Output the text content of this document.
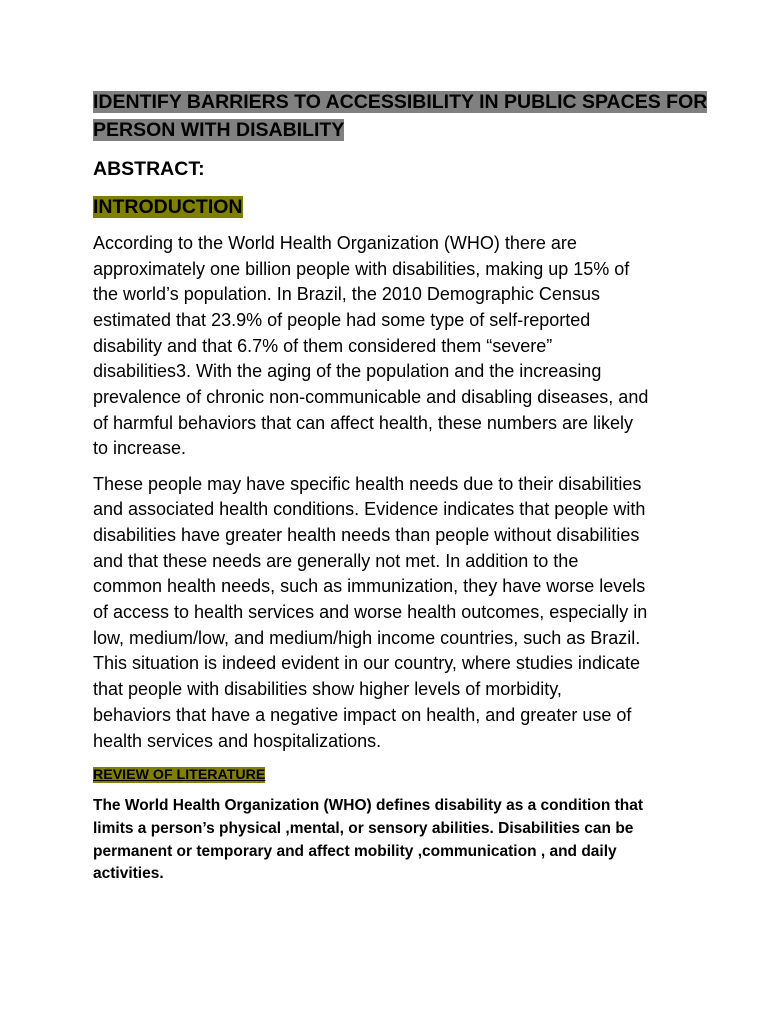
IDENTIFY BARRIERS TO ACCESSIBILITY IN PUBLIC SPACES FOR
PERSON WITH DISABILITY
ABSTRACT:
INTRODUCTION
According to the World Health Organization (WHO) there are
approximately one billion people with disabilities, making up 15% of
the world’s population. In Brazil, the 2010 Demographic Census
estimated that 23.9% of people had some type of self-reported
disability and that 6.7% of them considered them “severe”
disabilities3. With the aging of the population and the increasing
prevalence of chronic non-communicable and disabling diseases, and
of harmful behaviors that can affect health, these numbers are likely
to increase.
These people may have specific health needs due to their disabilities
and associated health conditions. Evidence indicates that people with
disabilities have greater health needs than people without disabilities
and that these needs are generally not met. In addition to the
common health needs, such as immunization, they have worse levels
of access to health services and worse health outcomes, especially in
low, medium/low, and medium/high income countries, such as Brazil.
This situation is indeed evident in our country, where studies indicate
that people with disabilities show higher levels of morbidity,
behaviors that have a negative impact on health, and greater use of
health services and hospitalizations.
REVIEW OF LITERATURE
The World Health Organization (WHO) defines disability as a condition that
limits a person’s physical ,mental, or sensory abilities. Disabilities can be
permanent or temporary and affect mobility ,communication , and daily
activities.
